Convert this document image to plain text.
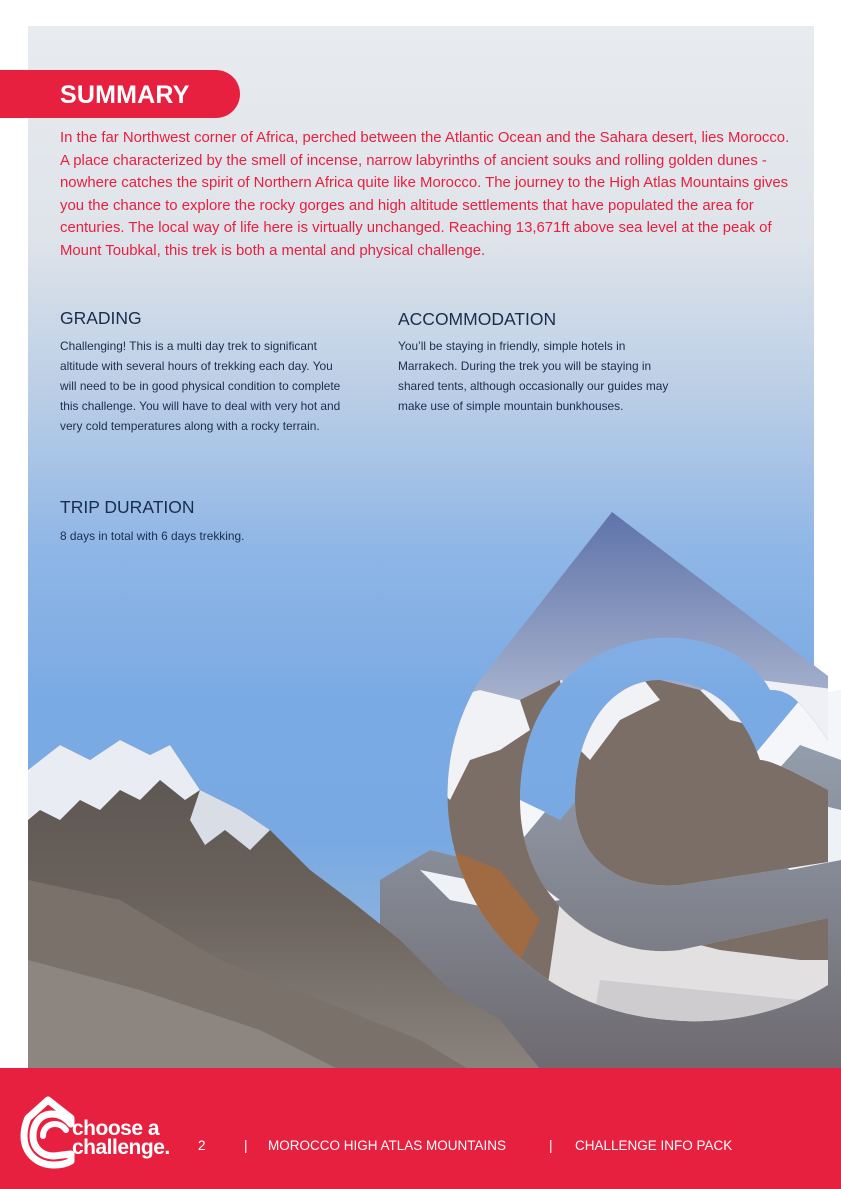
SUMMARY

In the far Northwest corner of Africa, perched between the Atlantic Ocean and the Sahara desert, lies Morocco. A place characterized by the smell of incense, narrow labyrinths of ancient souks and rolling golden dunes - nowhere catches the spirit of Northern Africa quite like Morocco. The journey to the High Atlas Mountains gives you the chance to explore the rocky gorges and high altitude settlements that have populated the area for centuries. The local way of life here is virtually unchanged. Reaching 13,671ft above sea level at the peak of Mount Toubkal, this trek is both a mental and physical challenge.

GRADING

Challenging! This is a multi day trek to significant altitude with several hours of trekking each day. You will need to be in good physical condition to complete this challenge. You will have to deal with very hot and very cold temperatures along with a rocky terrain.

ACCOMMODATION

You’ll be staying in friendly, simple hotels in Marrakech. During the trek you will be staying in shared tents, although occasionally our guides may make use of simple mountain bunkhouses.

TRIP DURATION

8 days in total with 6 days trekking.

choose a
challenge. 2	| MOROCCO HIGH ATLAS MOUNTAINS	| CHALLENGE INFO PACK
